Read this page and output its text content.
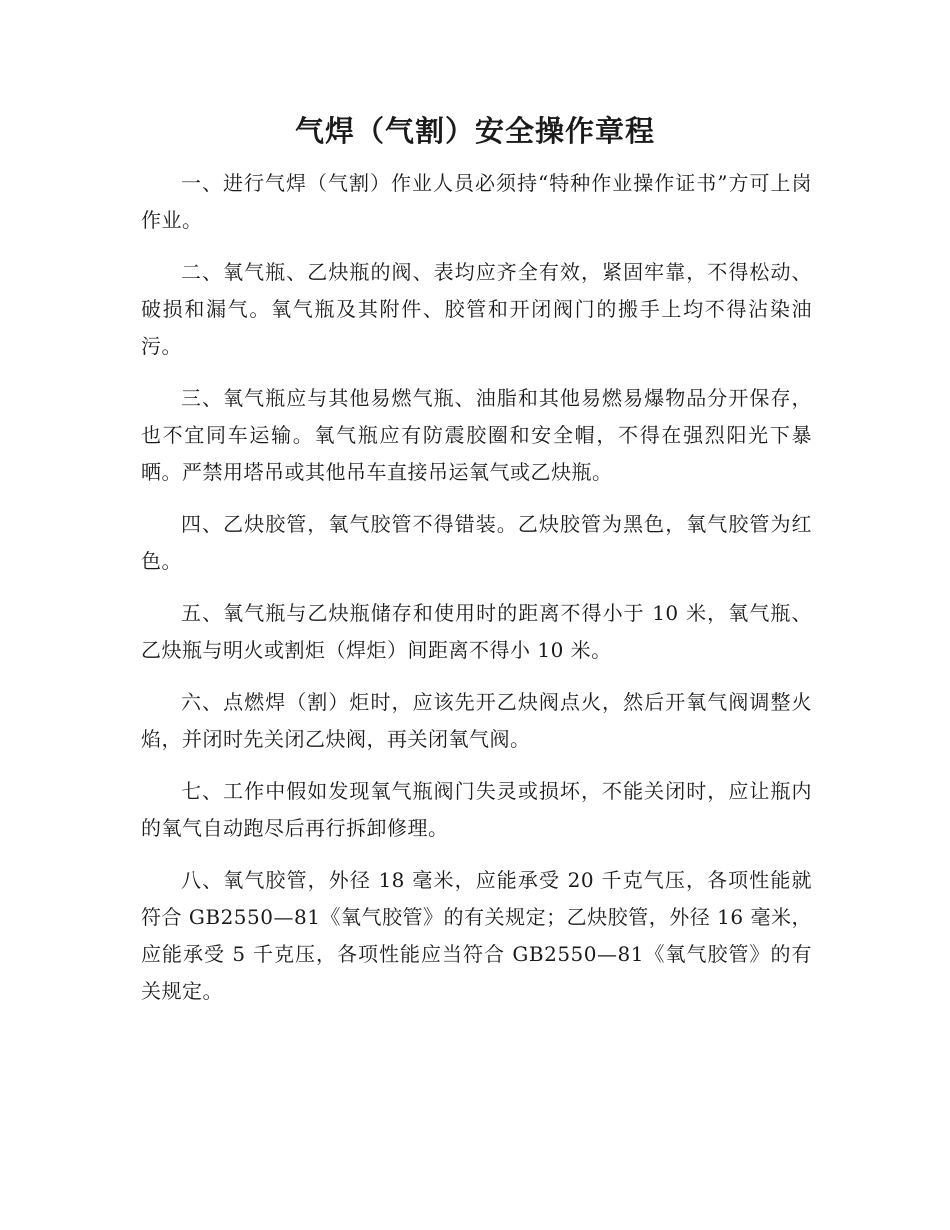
气焊（气割）安全操作章程

一、进行气焊（气割）作业人员必须持“特种作业操作证书”方可上岗作业。

二、氧气瓶、乙炔瓶的阀、表均应齐全有效，紧固牢靠，不得松动、破损和漏气。氧气瓶及其附件、胶管和开闭阀门的搬手上均不得沾染油污。

三、氧气瓶应与其他易燃气瓶、油脂和其他易燃易爆物品分开保存，也不宜同车运输。氧气瓶应有防震胶圈和安全帽，不得在强烈阳光下暴晒。严禁用塔吊或其他吊车直接吊运氧气或乙炔瓶。

四、乙炔胶管，氧气胶管不得错装。乙炔胶管为黑色，氧气胶管为红色。

五、氧气瓶与乙炔瓶储存和使用时的距离不得小于 10 米，氧气瓶、乙炔瓶与明火或割炬（焊炬）间距离不得小 10 米。

六、点燃焊（割）炬时，应该先开乙炔阀点火，然后开氧气阀调整火焰，并闭时先关闭乙炔阀，再关闭氧气阀。

七、工作中假如发现氧气瓶阀门失灵或损坏，不能关闭时，应让瓶内的氧气自动跑尽后再行拆卸修理。

八、氧气胶管，外径 18 毫米，应能承受 20 千克气压，各项性能就符合 GB2550—81《氧气胶管》的有关规定；乙炔胶管，外径 16 毫米，应能承受 5 千克压，各项性能应当符合 GB2550—81《氧气胶管》的有关规定。
